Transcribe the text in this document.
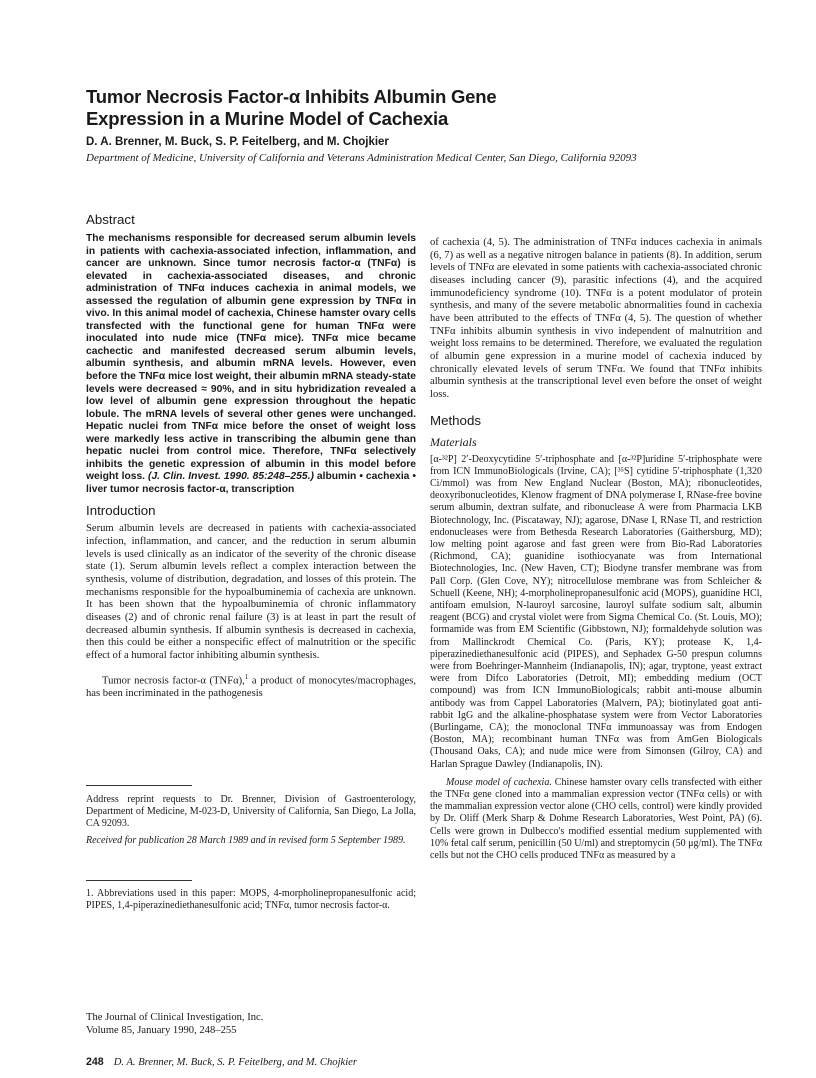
Tumor Necrosis Factor-α Inhibits Albumin Gene
Expression in a Murine Model of Cachexia
D. A. Brenner, M. Buck, S. P. Feitelberg, and M. Chojkier
Department of Medicine, University of California and Veterans Administration Medical Center, San Diego, California 92093
Abstract

The mechanisms responsible for decreased serum albumin levels in patients with cachexia-associated infection, inflammation, and cancer are unknown. Since tumor necrosis factor-α (TNFα) is elevated in cachexia-associated diseases, and chronic administration of TNFα induces cachexia in animal models, we assessed the regulation of albumin gene expression by TNFα in vivo. In this animal model of cachexia, Chinese hamster ovary cells transfected with the functional gene for human TNFα were inoculated into nude mice (TNFα mice). TNFα mice became cachectic and manifested decreased serum albumin levels, albumin synthesis, and albumin mRNA levels. However, even before the TNFα mice lost weight, their albumin mRNA steady-state levels were decreased ≈ 90%, and in situ hybridization revealed a low level of albumin gene expression throughout the hepatic lobule. The mRNA levels of several other genes were unchanged. Hepatic nuclei from TNFα mice before the onset of weight loss were markedly less active in transcribing the albumin gene than hepatic nuclei from control mice. Therefore, TNFα selectively inhibits the genetic expression of albumin in this model before weight loss. (J. Clin. Invest. 1990. 85:248–255.) albumin • cachexia • liver tumor necrosis factor-α, transcription

Introduction

Serum albumin levels are decreased in patients with cachexia-associated infection, inflammation, and cancer, and the reduction in serum albumin levels is used clinically as an indicator of the severity of the chronic disease state (1). Serum albumin levels reflect a complex interaction between the synthesis, volume of distribution, degradation, and losses of this protein. The mechanisms responsible for the hypoalbuminemia of cachexia are unknown. It has been shown that the hypoalbuminemia of chronic inflammatory diseases (2) and of chronic renal failure (3) is at least in part the result of decreased albumin synthesis. If albumin synthesis is decreased in cachexia, then this could be either a nonspecific effect of malnutrition or the specific effect of a humoral factor inhibiting albumin synthesis.

Tumor necrosis factor-α (TNFα),$^1$ a product of monocytes/macrophages, has been incriminated in the pathogenesis

Address reprint requests to Dr. Brenner, Division of Gastroenterology, Department of Medicine, M-023-D, University of California, San Diego, La Jolla, CA 92093.

Received for publication 28 March 1989 and in revised form 5 September 1989.

1. Abbreviations used in this paper: MOPS, 4-morpholinepropanesulfonic acid; PIPES, 1,4-piperazinediethanesulfonic acid; TNFα, tumor necrosis factor-α.

The Journal of Clinical Investigation, Inc.
Volume 85, January 1990, 248–255

of cachexia (4, 5). The administration of TNFα induces cachexia in animals (6, 7) as well as a negative nitrogen balance in patients (8). In addition, serum levels of TNFα are elevated in some patients with cachexia-associated chronic diseases including cancer (9), parasitic infections (4), and the acquired immunodeficiency syndrome (10). TNFα is a potent modulator of protein synthesis, and many of the severe metabolic abnormalities found in cachexia have been attributed to the effects of TNFα (4, 5). The question of whether TNFα inhibits albumin synthesis in vivo independent of malnutrition and weight loss remains to be determined. Therefore, we evaluated the regulation of albumin gene expression in a murine model of cachexia induced by chronically elevated levels of serum TNFα. We found that TNFα inhibits albumin synthesis at the transcriptional level even before the onset of weight loss.

Methods
Materials

[α-³²P] 2′-Deoxycytidine 5′-triphosphate and [α-³²P]uridine 5′-triphosphate were from ICN ImmunoBiologicals (Irvine, CA); [³⁵S] cytidine 5′-triphosphate (1,320 Ci/mmol) was from New England Nuclear (Boston, MA); ribonucleotides, deoxyribonucleotides, Klenow fragment of DNA polymerase I, RNase-free bovine serum albumin, dextran sulfate, and ribonuclease A were from Pharmacia LKB Biotechnology, Inc. (Piscataway, NJ); agarose, DNase I, RNase Tl, and restriction endonucleases were from Bethesda Research Laboratories (Gaithersburg, MD); low melting point agarose and fast green were from Bio-Rad Laboratories (Richmond, CA); guanidine isothiocyanate was from International Biotechnologies, Inc. (New Haven, CT); Biodyne transfer membrane was from Pall Corp. (Glen Cove, NY); nitrocellulose membrane was from Schleicher & Schuell (Keene, NH); 4-morpholinepropanesulfonic acid (MOPS), guanidine HCl, antifoam emulsion, N-lauroyl sarcosine, lauroyl sulfate sodium salt, albumin reagent (BCG) and crystal violet were from Sigma Chemical Co. (St. Louis, MO); formamide was from EM Scientific (Gibbstown, NJ); formaldehyde solution was from Mallinckrodt Chemical Co. (Paris, KY); protease K, 1,4-piperazinediethanesulfonic acid (PIPES), and Sephadex G-50 prespun columns were from Boehringer-Mannheim (Indianapolis, IN); agar, tryptone, yeast extract were from Difco Laboratories (Detroit, MI); embedding medium (OCT compound) was from ICN ImmunoBiologicals; rabbit anti-mouse albumin antibody was from Cappel Laboratories (Malvern, PA); biotinylated goat anti-rabbit IgG and the alkaline-phosphatase system were from Vector Laboratories (Burlingame, CA); the monoclonal TNFα immunoassay was from Endogen (Boston, MA); recombinant human TNFα was from AmGen Biologicals (Thousand Oaks, CA); and nude mice were from Simonsen (Gilroy, CA) and Harlan Sprague Dawley (Indianapolis, IN).

Mouse model of cachexia. Chinese hamster ovary cells transfected with either the TNFα gene cloned into a mammalian expression vector (TNFα cells) or with the mammalian expression vector alone (CHO cells, control) were kindly provided by Dr. Oliff (Merk Sharp & Dohme Research Laboratories, West Point, PA) (6). Cells were grown in Dulbecco's modified essential medium supplemented with 10% fetal calf serum, penicillin (50 U/ml) and streptomycin (50 μg/ml). The TNFα cells but not the CHO cells produced TNFα as measured by a

248 D. A. Brenner, M. Buck, S. P. Feitelberg, and M. Chojkier
